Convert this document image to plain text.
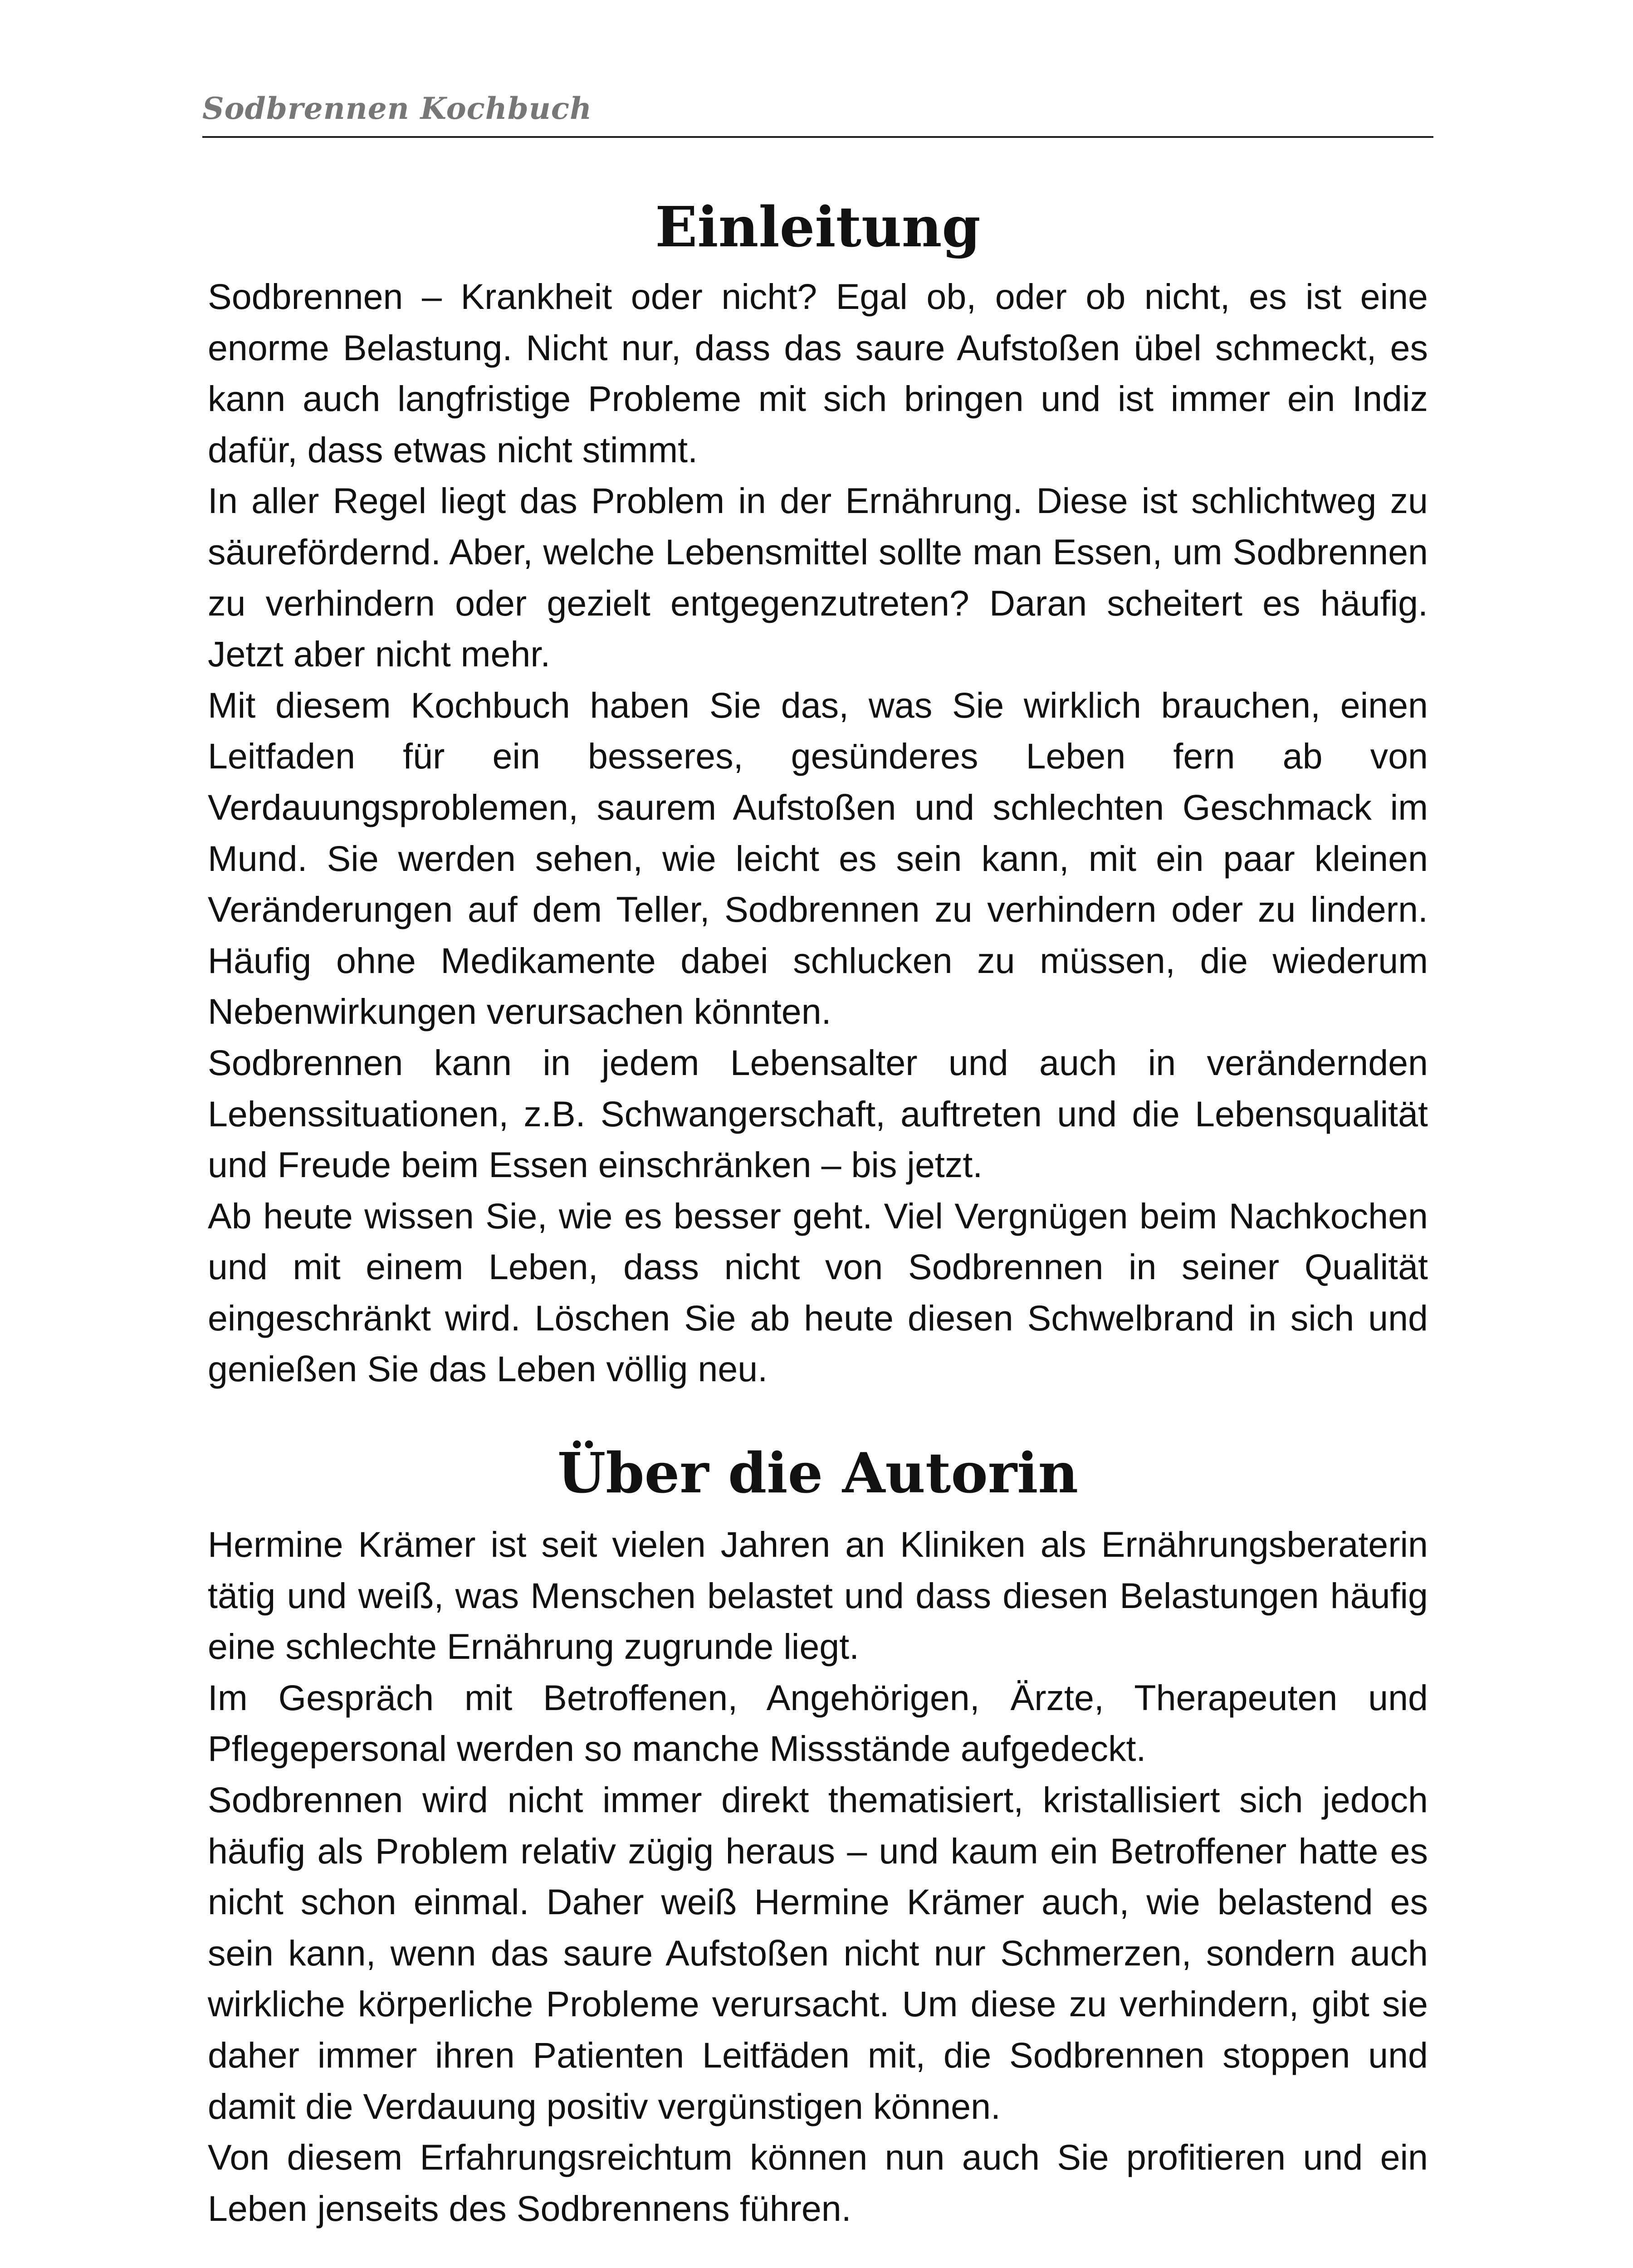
Sodbrennen Kochbuch
Einleitung

Sodbrennen – Krankheit oder nicht? Egal ob, oder ob nicht, es ist eine enorme Belastung. Nicht nur, dass das saure Aufstoßen übel schmeckt, es kann auch langfristige Probleme mit sich bringen und ist immer ein Indiz dafür, dass etwas nicht stimmt.

In aller Regel liegt das Problem in der Ernährung. Diese ist schlichtweg zu säurefördernd. Aber, welche Lebensmittel sollte man Essen, um Sodbrennen zu verhindern oder gezielt entgegenzutreten? Daran scheitert es häufig. Jetzt aber nicht mehr.

Mit diesem Kochbuch haben Sie das, was Sie wirklich brauchen, einen Leitfaden für ein besseres, gesünderes Leben fern ab von Verdauungsproblemen, saurem Aufstoßen und schlechten Geschmack im Mund. Sie werden sehen, wie leicht es sein kann, mit ein paar kleinen Veränderungen auf dem Teller, Sodbrennen zu verhindern oder zu lindern. Häufig ohne Medikamente dabei schlucken zu müssen, die wiederum Nebenwirkungen verursachen könnten.

Sodbrennen kann in jedem Lebensalter und auch in verändernden Lebenssituationen, z.B. Schwangerschaft, auftreten und die Lebensqualität und Freude beim Essen einschränken – bis jetzt.

Ab heute wissen Sie, wie es besser geht. Viel Vergnügen beim Nachkochen und mit einem Leben, dass nicht von Sodbrennen in seiner Qualität eingeschränkt wird. Löschen Sie ab heute diesen Schwelbrand in sich und genießen Sie das Leben völlig neu.

Über die Autorin

Hermine Krämer ist seit vielen Jahren an Kliniken als Ernährungsberaterin tätig und weiß, was Menschen belastet und dass diesen Belastungen häufig eine schlechte Ernährung zugrunde liegt.

Im Gespräch mit Betroffenen, Angehörigen, Ärzte, Therapeuten und Pflegepersonal werden so manche Missstände aufgedeckt.

Sodbrennen wird nicht immer direkt thematisiert, kristallisiert sich jedoch häufig als Problem relativ zügig heraus – und kaum ein Betroffener hatte es nicht schon einmal. Daher weiß Hermine Krämer auch, wie belastend es sein kann, wenn das saure Aufstoßen nicht nur Schmerzen, sondern auch wirkliche körperliche Probleme verursacht. Um diese zu verhindern, gibt sie daher immer ihren Patienten Leitfäden mit, die Sodbrennen stoppen und damit die Verdauung positiv vergünstigen können.

Von diesem Erfahrungsreichtum können nun auch Sie profitieren und ein Leben jenseits des Sodbrennens führen.
